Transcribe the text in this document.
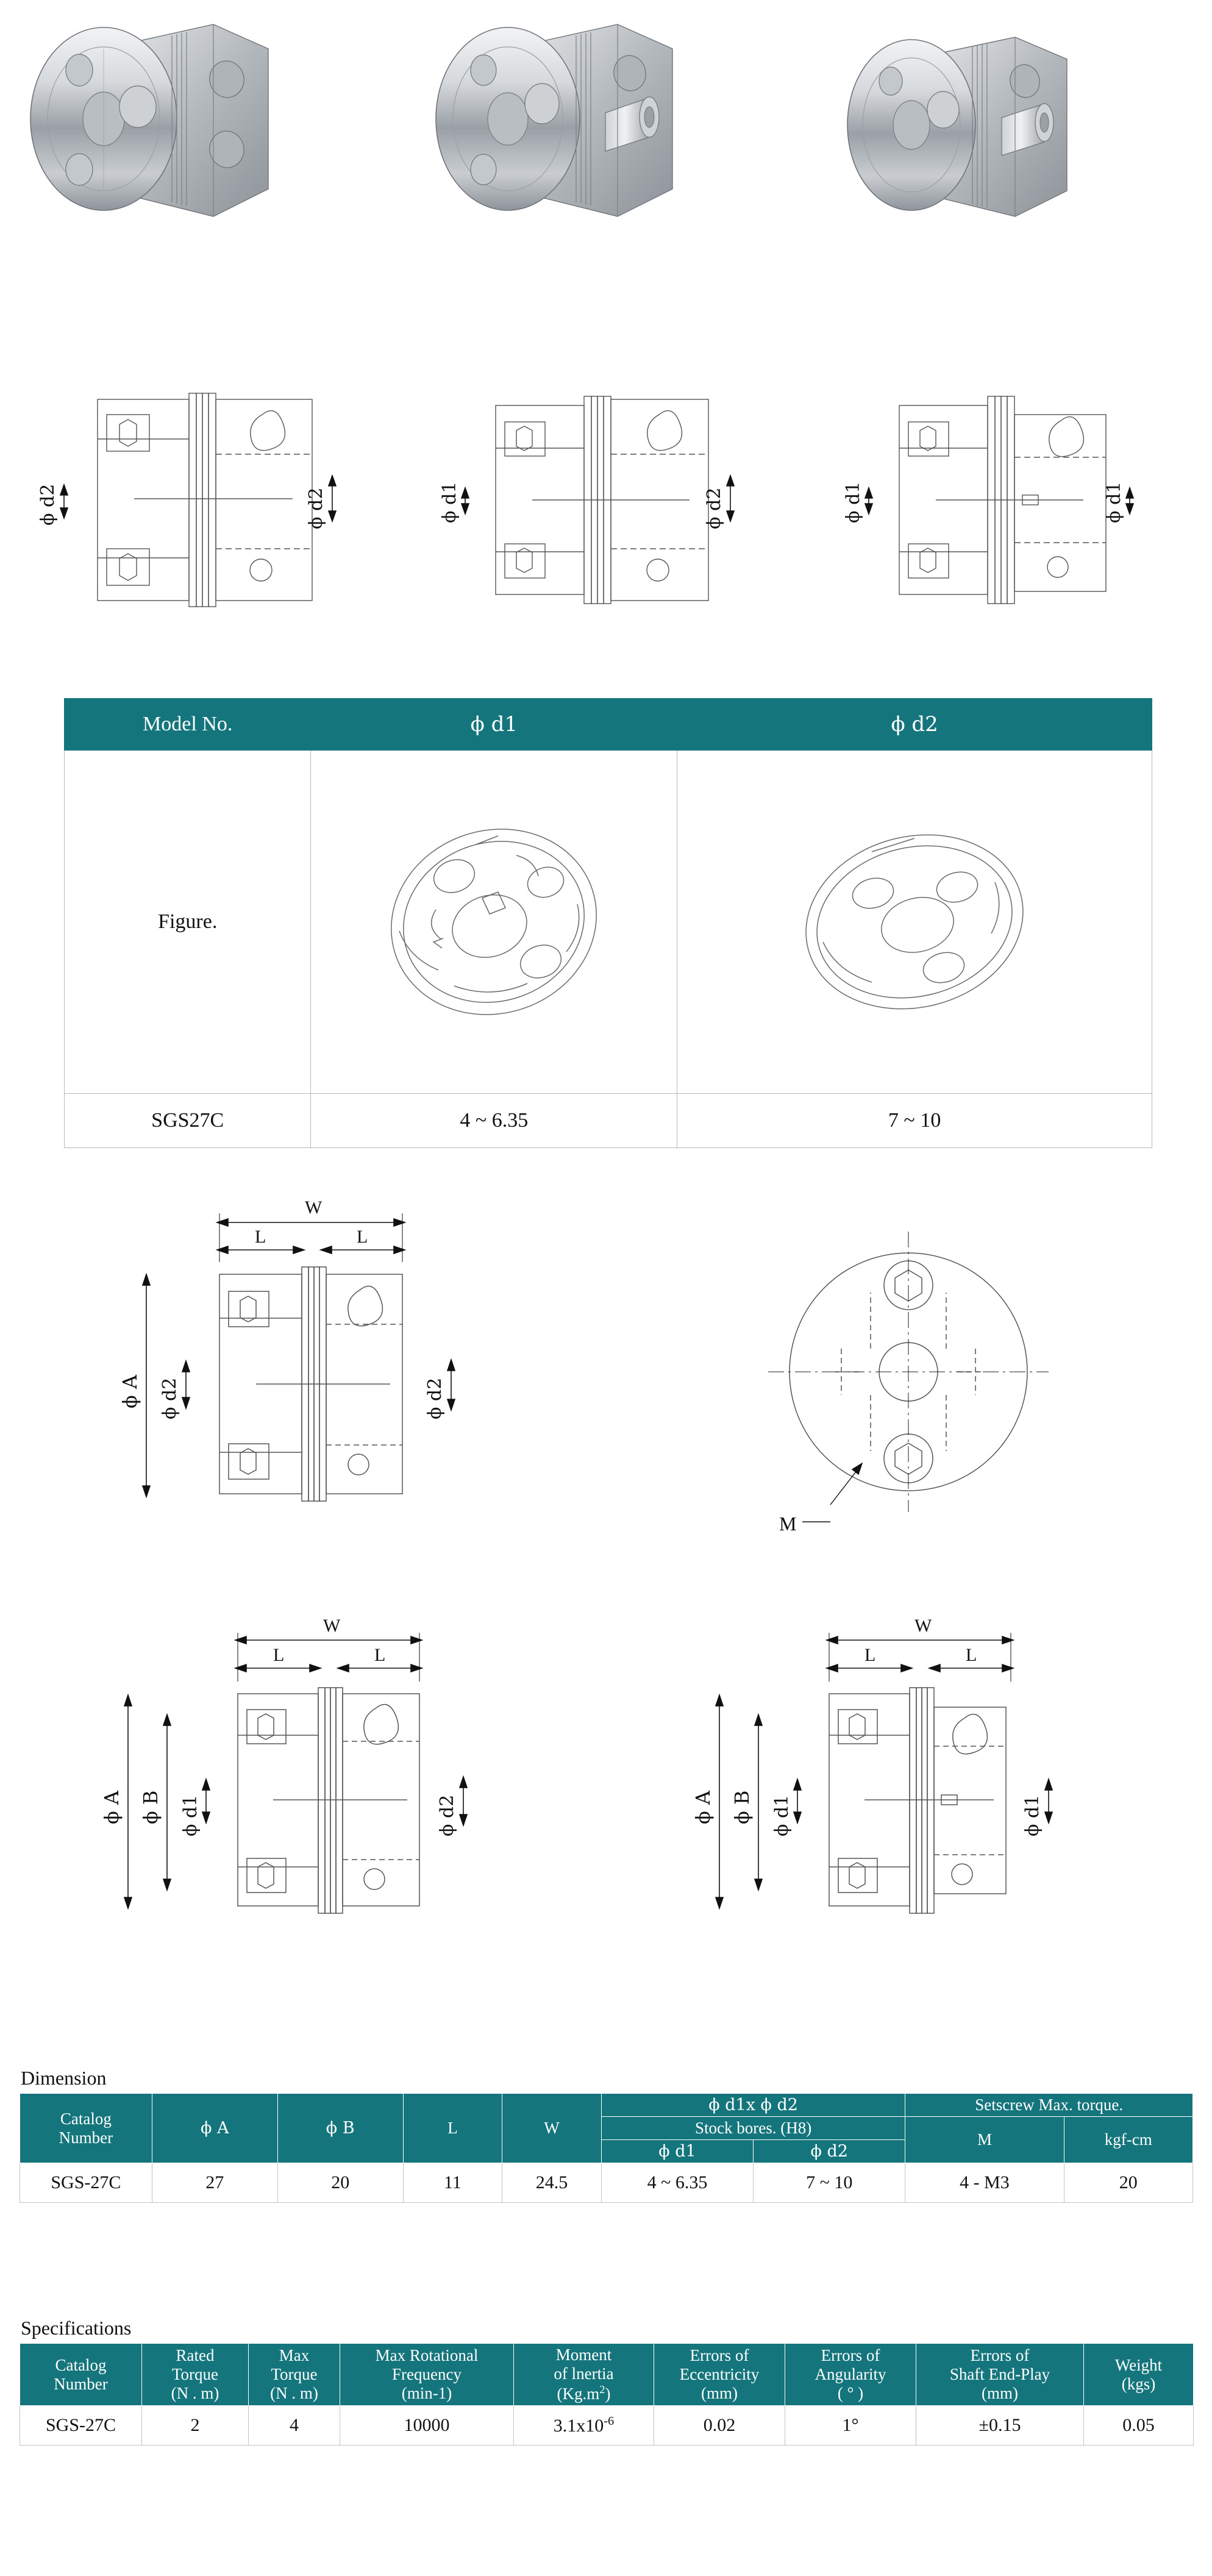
ϕ d2	ϕ d2	ϕ d1	ϕ d2	ϕ d1	ϕ d1
Model No.	ϕ d1	ϕ d2
Figure.	

SGS27C	4 ~ 6.35	7 ~ 10
W
L	L
ϕ A ϕ d2	ϕ d2
M
W
L	L
ϕ A ϕ B ϕ d1	ϕ d2
W
L	L
ϕ A ϕ B ϕ d1	ϕ d1
Dimension
Catalog
Number	ϕ A	ϕ B	L	W	ϕ d1x ϕ d2		Setscrew Max. torque.	
					Stock bores. (H8)		M	kgf-cm
					ϕ d1	ϕ d2		
SGS-27C	27	20	11	24.5	4 ~ 6.35	7 ~ 10	4 - M3	20
Specifications
Catalog
Number	Rated
Torque
(N . m)	Max
Torque
(N . m)	Max Rotational
Frequency
(min-1)	Moment
of lnertia
$(Kg.m^2)$	Errors of
Eccentricity
(mm)	Errors of
Angularity
( ° )	Errors of
Shaft End-Play
(mm)	Weight
(kgs)
SGS-27C	2	4	10000	$3.1x10^{-6}$	0.02	1°	±0.15	0.05
